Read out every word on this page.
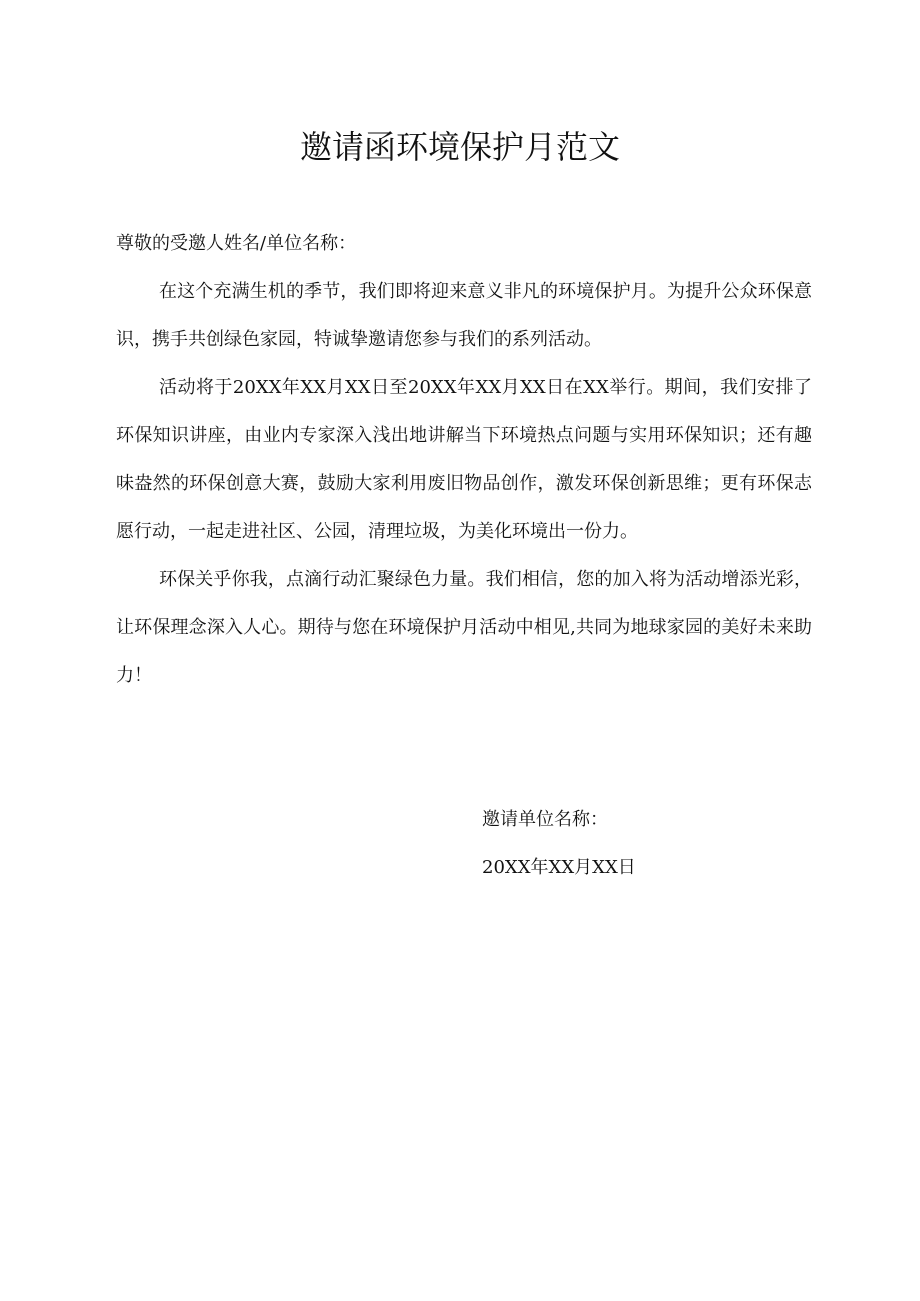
邀请函环境保护月范文

尊敬的受邀人姓名/单位名称：

在这个充满生机的季节，我们即将迎来意义非凡的环境保护月。为提升公众环保意识，携手共创绿色家园，特诚挚邀请您参与我们的系列活动。

活动将于20XX年XX月XX日至20XX年XX月XX日在XX举行。期间，我们安排了环保知识讲座，由业内专家深入浅出地讲解当下环境热点问题与实用环保知识；还有趣味盎然的环保创意大赛，鼓励大家利用废旧物品创作，激发环保创新思维；更有环保志愿行动，一起走进社区、公园，清理垃圾，为美化环境出一份力。

环保关乎你我，点滴行动汇聚绿色力量。我们相信，您的加入将为活动增添光彩，让环保理念深入人心。期待与您在环境保护月活动中相见,共同为地球家园的美好未来助力！

邀请单位名称：
20XX年XX月XX日
